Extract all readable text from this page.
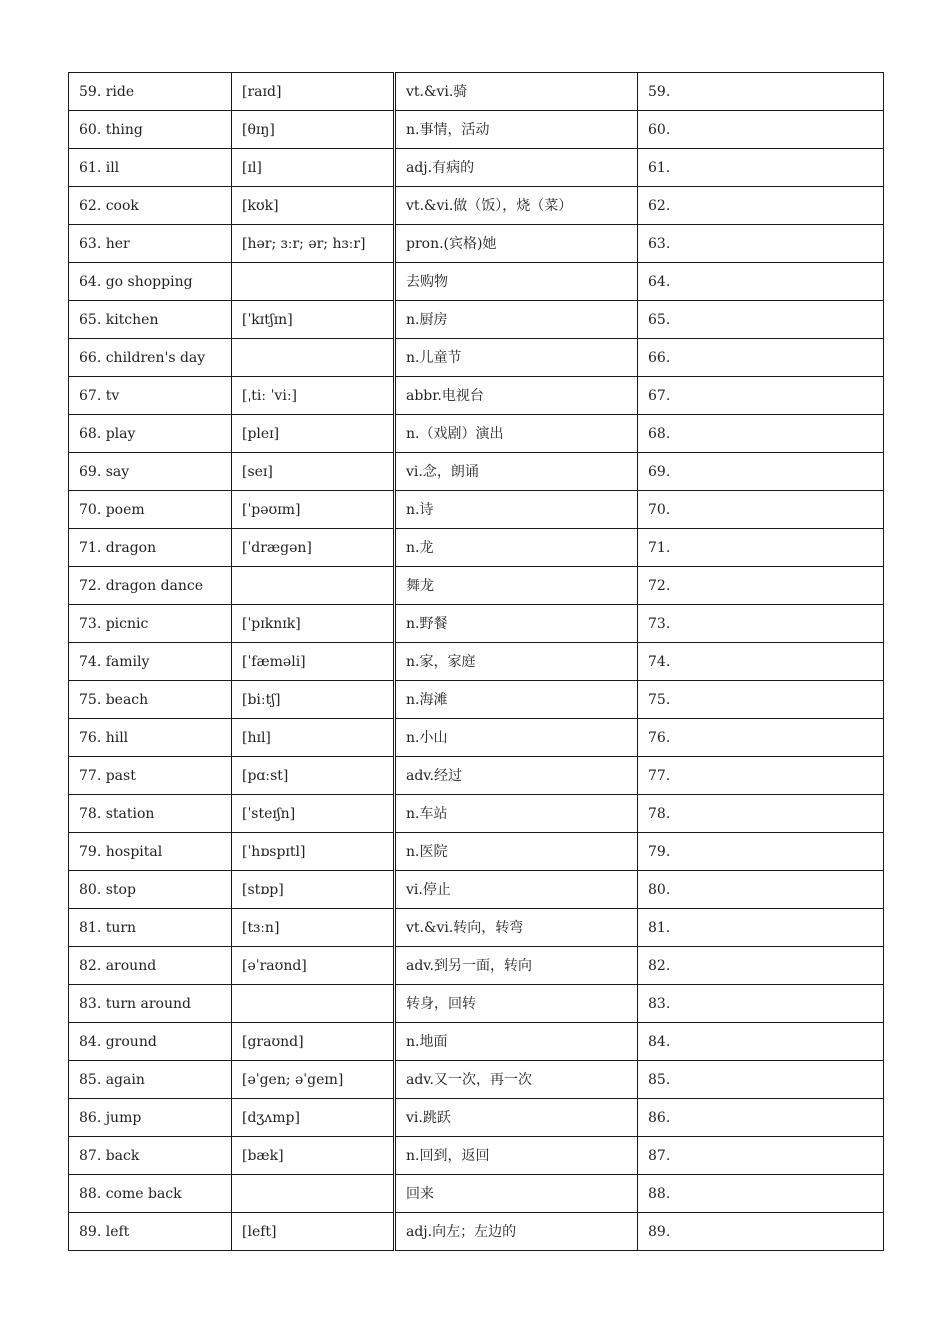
59. ride	[raɪd]	vt.&vi.骑	59.
60. thing	[θɪŋ]	n.事情，活动	60.
61. ill	[ɪl]	adj.有病的	61.
62. cook	[kʊk]	vt.&vi.做（饭），烧（菜）	62.
63. her	[hər; ɜːr; ər; hɜːr]	pron.(宾格)她	63.
64. go shopping		去购物	64.
65. kitchen	[ˈkɪtʃɪn]	n.厨房	65.
66. children's day		n.儿童节	66.
67. tv	[ˌtiː ˈviː]	abbr.电视台	67.
68. play	[pleɪ]	n.（戏剧）演出	68.
69. say	[seɪ]	vi.念，朗诵	69.
70. poem	[ˈpəʊɪm]	n.诗	70.
71. dragon	[ˈdrægən]	n.龙	71.
72. dragon dance		舞龙	72.
73. picnic	[ˈpɪknɪk]	n.野餐	73.
74. family	[ˈfæməli]	n.家，家庭	74.
75. beach	[biːtʃ]	n.海滩	75.
76. hill	[hɪl]	n.小山	76.
77. past	[pɑːst]	adv.经过	77.
78. station	[ˈsteɪʃn]	n.车站	78.
79. hospital	[ˈhɒspɪtl]	n.医院	79.
80. stop	[stɒp]	vi.停止	80.
81. turn	[tɜːn]	vt.&vi.转向，转弯	81.
82. around	[əˈraʊnd]	adv.到另一面，转向	82.
83. turn around		转身，回转	83.
84. ground	[graʊnd]	n.地面	84.
85. again	[əˈgen; əˈgeɪn]	adv.又一次，再一次	85.
86. jump	[dʒʌmp]	vi.跳跃	86.
87. back	[bæk]	n.回到，返回	87.
88. come back		回来	88.
89. left	[left]	adj.向左；左边的	89.
